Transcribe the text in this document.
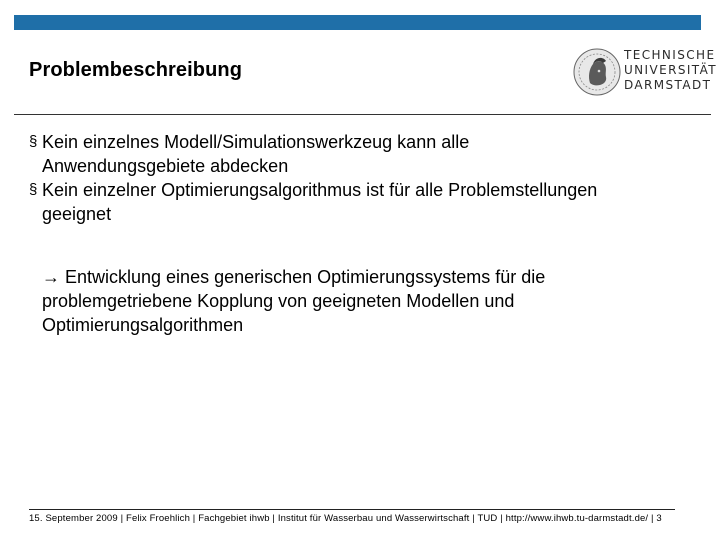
Problembeschreibung
TECHNISCHE
UNIVERSITÄT
DARMSTADT
§ Kein einzelnes Modell/Simulationswerkzeug kann alle
Anwendungsgebiete abdecken
§ Kein einzelner Optimierungsalgorithmus ist für alle Problemstellungen
geeignet
→ Entwicklung eines generischen Optimierungssystems für die
problemgetriebene Kopplung von geeigneten Modellen und
Optimierungsalgorithmen
15. September 2009 | Felix Froehlich | Fachgebiet ihwb | Institut für Wasserbau und Wasserwirtschaft | TUD | http://www.ihwb.tu-darmstadt.de/ | 3
